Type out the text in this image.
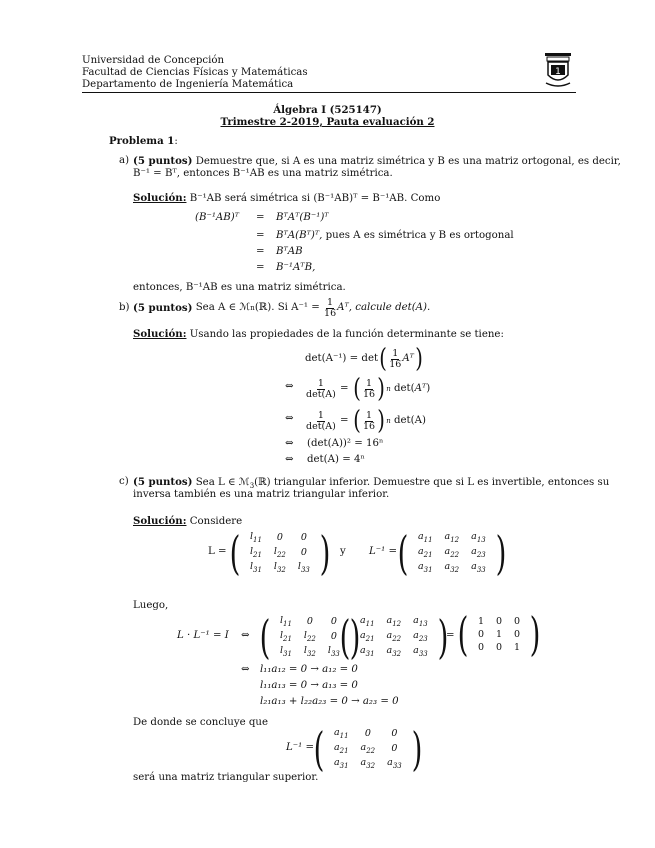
Universidad de Concepción
Facultad de Ciencias Físicas y Matemáticas
Departamento de Ingeniería Matemática
1
Álgebra I (525147)
Trimestre 2-2019, Pauta evaluación 2
Problema 1:
a) (5 puntos) Demuestre que, si A es una matriz simétrica y B es una matriz ortogonal, es decir,
B⁻¹ = Bᵀ, entonces B⁻¹AB es una matriz simétrica.
Solución: B⁻¹AB será simétrica si (B⁻¹AB)ᵀ = B⁻¹AB. Como
(B⁻¹AB)ᵀ = BᵀAᵀ(B⁻¹)ᵀ
= BᵀA(Bᵀ)ᵀ, pues A es simétrica y B es ortogonal
= BᵀAB
= B⁻¹AᵀB,
entonces, B⁻¹AB es una matriz simétrica.
b) (5 puntos)
Sea A ∈ ℳ n (ℝ). Si A⁻¹ =
$\frac{1}{16}$ Aᵀ, calcule det(A).
Solución: Usando las propiedades de la función determinante se tiene:
det(A⁻¹) = det ( $\frac{1}{16}$ Aᵀ )
⇔ $\frac{1}{\det(A)}$ = ( $\frac{1}{16}$ ) n det( Aᵀ )
⇔ $\frac{1}{\det(A)}$ = ( $\frac{1}{16}$ ) n
det(A)
⇔ (det(A))² = 16ⁿ
⇔ det(A) = 4ⁿ
c) (5 puntos) Sea L ∈ ℳ$_3$(ℝ) triangular inferior. Demuestre que si L es invertible, entonces su
inversa también es una matriz triangular inferior.
Solución: Considere
L = ( $l_{11}$	0	0
$l_{21}$	$l_{22}$	0
$l_{31}$	$l_{32}$	$l_{33}$ ) y L⁻¹ = ( $a_{11}$	$a_{12}$	$a_{13}$
$a_{21}$	$a_{22}$	$a_{23}$
$a_{31}$	$a_{32}$	$a_{33}$ )
Luego,
L · L⁻¹ = I ⇔ ( $l_{11}$	0	0
$l_{21}$	$l_{22}$	0
$l_{31}$	$l_{32}$	$l_{33}$ )
( $a_{11}$	$a_{12}$	$a_{13}$
$a_{21}$	$a_{22}$	$a_{23}$
$a_{31}$	$a_{32}$	$a_{33}$ )
= ( 1	0	0
0	1	0
0	0	1 )
⇔ l₁₁a₁₂ = 0 → a₁₂ = 0
l₁₁a₁₃ = 0 → a₁₃ = 0
l₂₁a₁₃ + l₂₂a₂₃ = 0 → a₂₃ = 0
De donde se concluye que
L⁻¹ = ( $a_{11}$	0	0
$a_{21}$	$a_{22}$	0
$a_{31}$	$a_{32}$	$a_{33}$ )
será una matriz triangular superior.
